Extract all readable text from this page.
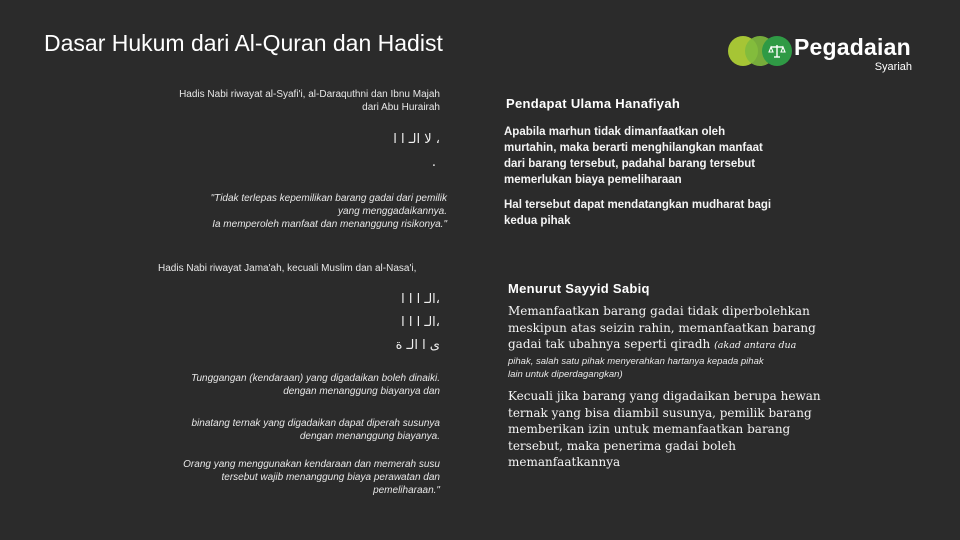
Dasar Hukum dari Al-Quran dan Hadist	Pegadaian
Syariah
Hadis Nabi riwayat al-Syafi'i, al-Daraquthni dan Ibnu Majah
dari Abu Hurairah
لا الـ ا ا ،
.
"Tidak terlepas kepemilikan barang gadai dari pemilik
yang menggadaikannya.
Ia memperoleh manfaat dan menanggung risikonya."
Hadis Nabi riwayat Jama'ah, kecuali Muslim dan al-Nasa'i,
الـ ا ا ا،
الـ ا ا ا،
ى ا الـ ة
Tunggangan (kendaraan) yang digadaikan boleh dinaiki.
dengan menanggung biayanya dan
binatang ternak yang digadaikan dapat diperah susunya
dengan menanggung biayanya.
Orang yang menggunakan kendaraan dan memerah susu
tersebut wajib menanggung biaya perawatan dan
pemeliharaan."
Pendapat Ulama Hanafiyah
Apabila marhun tidak dimanfaatkan oleh
murtahin, maka berarti menghilangkan manfaat
dari barang tersebut, padahal barang tersebut
memerlukan biaya pemeliharaan
Hal tersebut dapat mendatangkan mudharat bagi
kedua pihak
Menurut Sayyid Sabiq
Memanfaatkan barang gadai tidak diperbolehkan
meskipun atas seizin rahin, memanfaatkan barang
gadai tak ubahnya seperti qiradh (akad antara dua
pihak, salah satu pihak menyerahkan hartanya kepada pihak
lain untuk diperdagangkan)
Kecuali jika barang yang digadaikan berupa hewan
ternak yang bisa diambil susunya, pemilik barang
memberikan izin untuk memanfaatkan barang
tersebut, maka penerima gadai boleh
memanfaatkannya
